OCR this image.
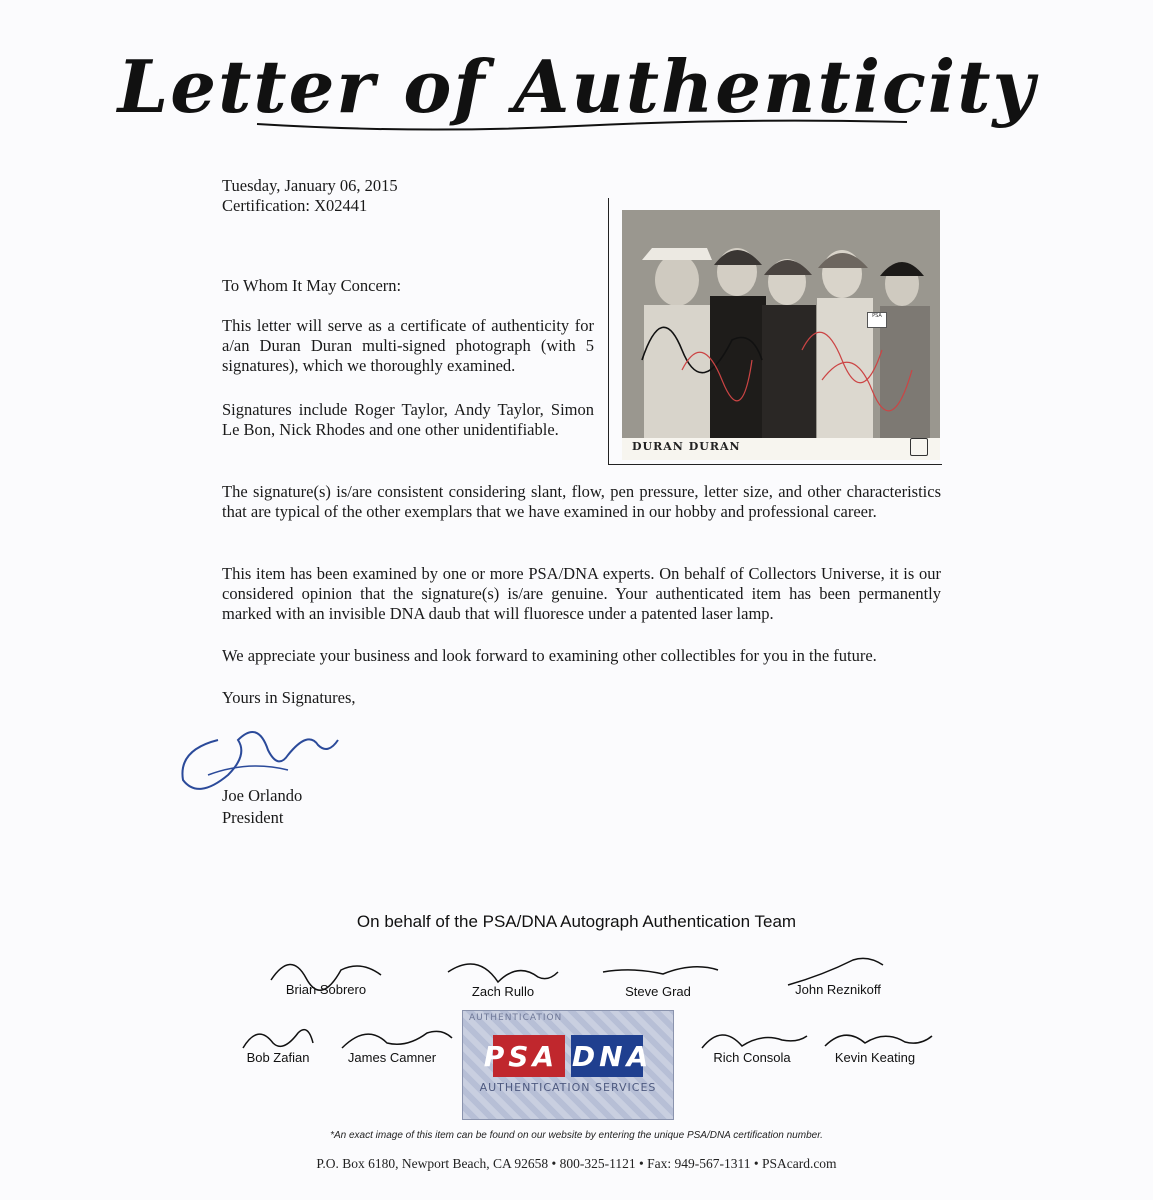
Letter of Authenticity
Tuesday, January 06, 2015
Certification: X02441
To Whom It May Concern:
This letter will serve as a certificate of authenticity for a/an Duran Duran multi-signed photograph (with 5 signatures), which we thoroughly examined.
Signatures include Roger Taylor, Andy Taylor, Simon Le Bon, Nick Rhodes and one other unidentifiable.
The signature(s) is/are consistent considering slant, flow, pen pressure, letter size, and other characteristics that are typical of the other exemplars that we have examined in our hobby and professional career.
This item has been examined by one or more PSA/DNA experts. On behalf of Collectors Universe, it is our considered opinion that the signature(s) is/are genuine. Your authenticated item has been permanently marked with an invisible DNA daub that will fluoresce under a patented laser lamp.
We appreciate your business and look forward to examining other collectibles for you in the future.
Yours in Signatures,
PSA
DURAN DURAN
Joe Orlando
President
On behalf of the PSA/DNA Autograph Authentication Team
Brian Sobrero	Zach Rullo	Steve Grad	John Reznikoff
Bob Zafian	James Camner	Rich Consola	Kevin Keating
AUTHENTICATION
PSA DNA
AUTHENTICATION SERVICES
*An exact image of this item can be found on our website by entering the unique PSA/DNA certification number.
P.O. Box 6180, Newport Beach, CA 92658 • 800-325-1121 • Fax: 949-567-1311 • PSAcard.com
